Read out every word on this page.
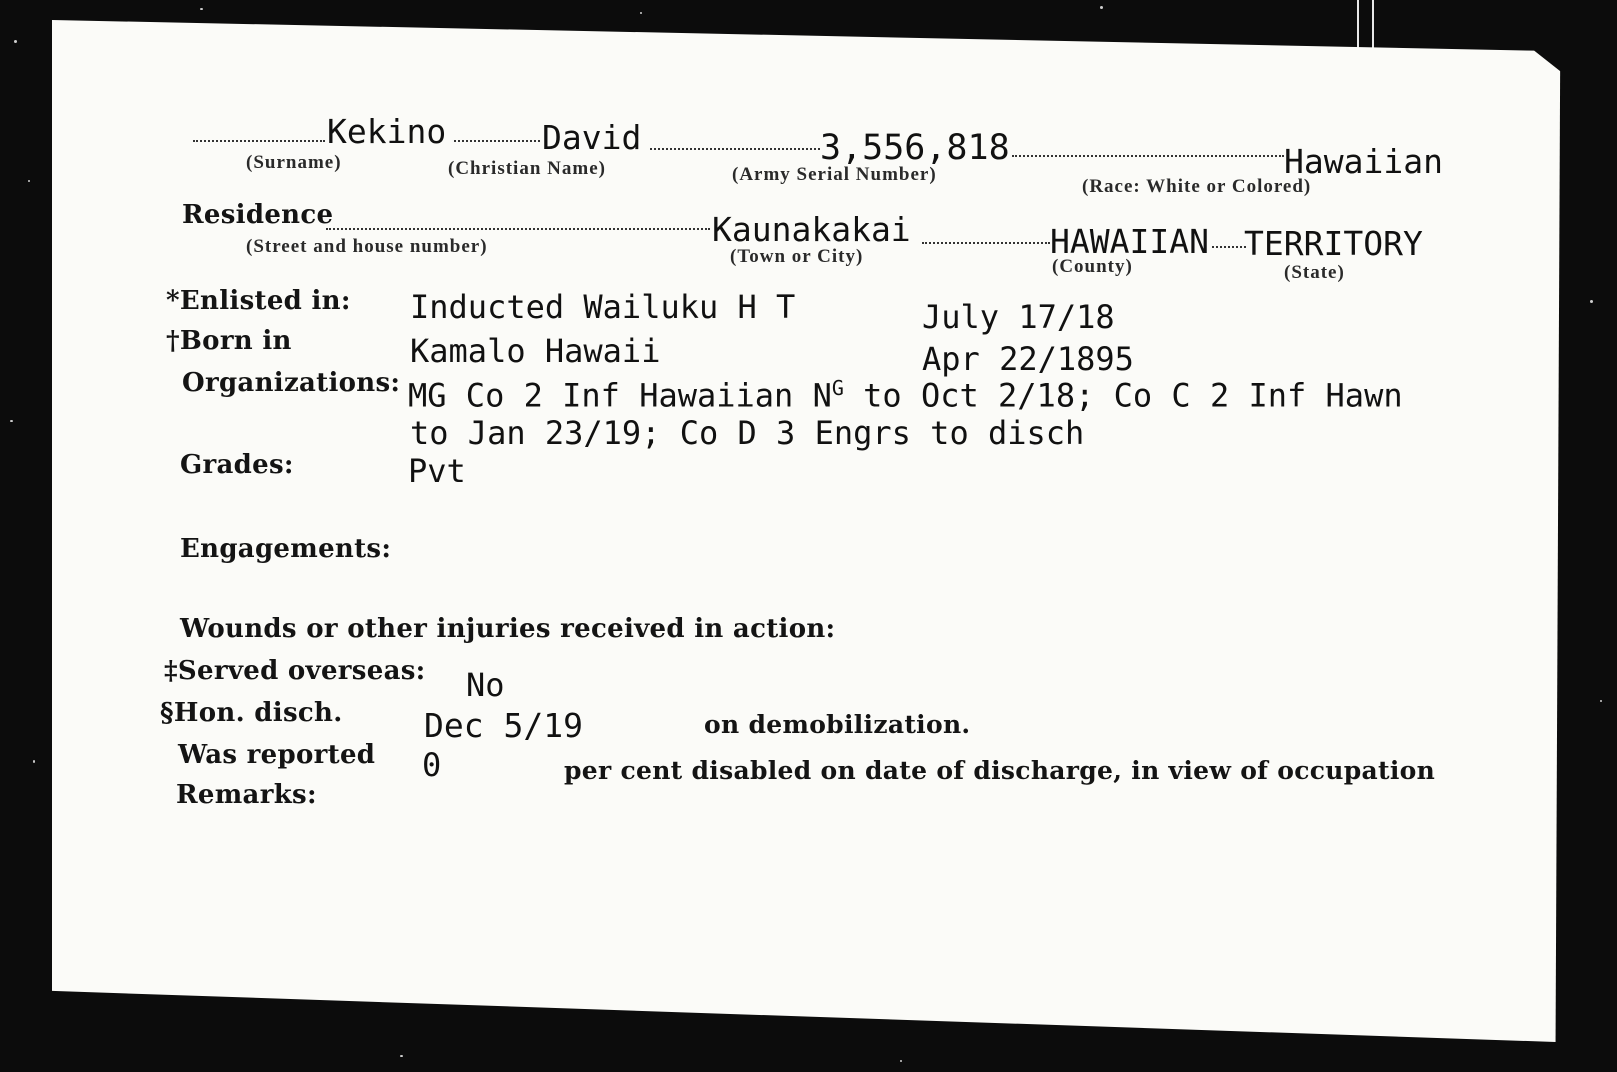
Kekino	David	3,556,818	Hawaiian
(Surname)	(Christian Name)	(Army Serial Number)
(Race: White or Colored)
Residence	Kaunakakai	HAWAIIAN TERRITORY
(Street and house number)	(Town or City)	(County)	(State)
*Enlisted in: Inducted Wailuku H T	July 17/18
†Born in	Kamalo Hawaii	Apr 22/1895
Organizations: MG Co 2 Inf Hawaiian $N^G$ to Oct 2/18; Co C 2 Inf Hawn
to Jan 23/19; Co D 3 Engrs to disch
Grades:	Pvt
Engagements:
Wounds or other injuries received in action:
‡Served overseas: No
§Hon. disch. Dec 5/19	on demobilization.
Was reported 0	per cent disabled on date of discharge, in view of occupation
Remarks:
